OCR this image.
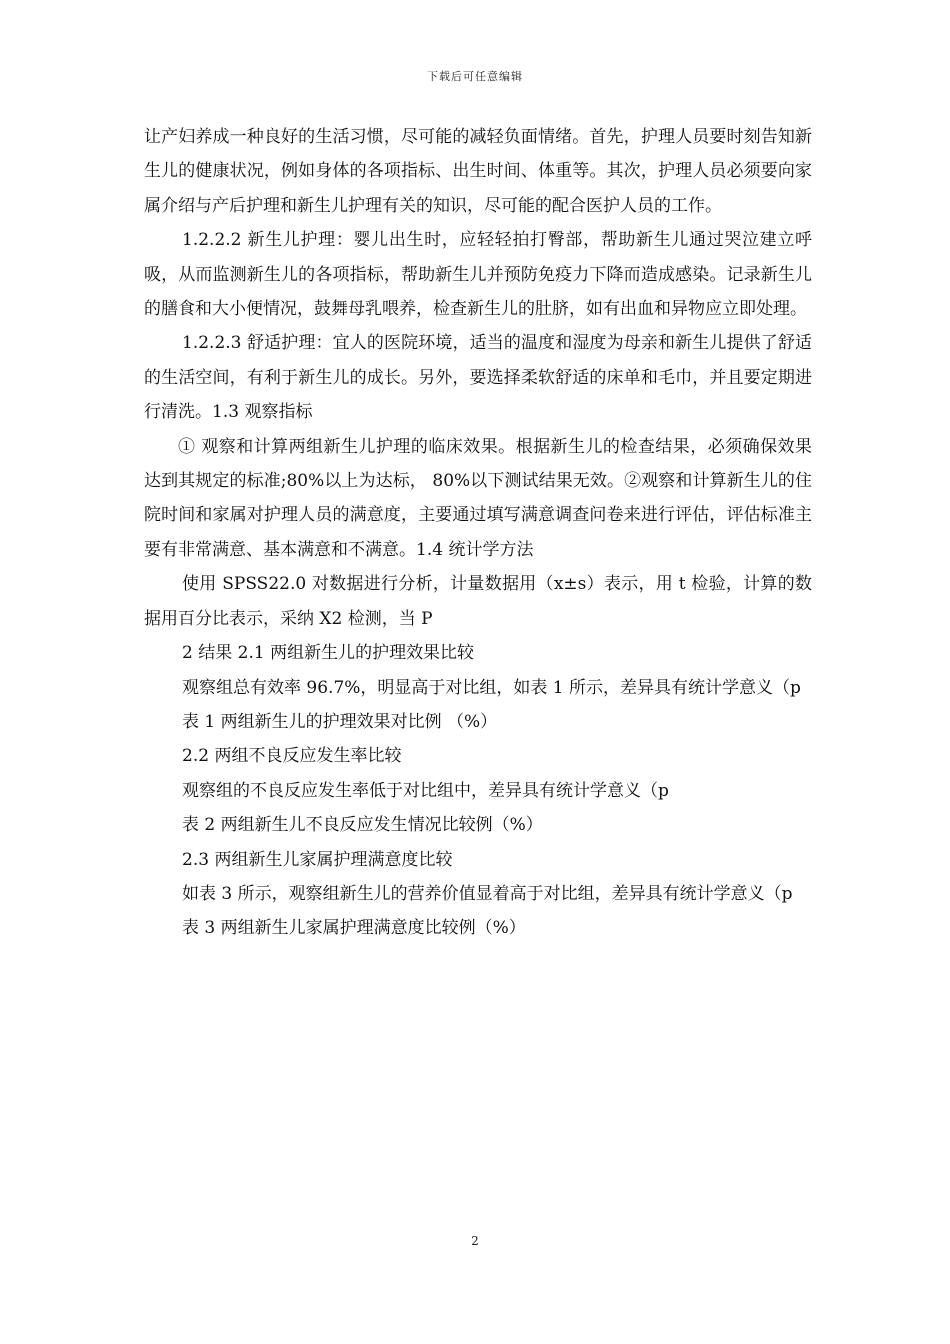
下载后可任意编辑

让产妇养成一种良好的生活习惯，尽可能的减轻负面情绪。首先，护理人员要时刻告知新生儿的健康状况，例如身体的各项指标、出生时间、体重等。其次，护理人员必须要向家属介绍与产后护理和新生儿护理有关的知识，尽可能的配合医护人员的工作。

1.2.2.2 新生儿护理：婴儿出生时，应轻轻拍打臀部，帮助新生儿通过哭泣建立呼吸，从而监测新生儿的各项指标，帮助新生儿并预防免疫力下降而造成感染。记录新生儿的膳食和大小便情况，鼓舞母乳喂养，检查新生儿的肚脐，如有出血和异物应立即处理。

1.2.2.3 舒适护理：宜人的医院环境，适当的温度和湿度为母亲和新生儿提供了舒适的生活空间，有利于新生儿的成长。另外，要选择柔软舒适的床单和毛巾，并且要定期进行清洗。1.3 观察指标

① 观察和计算两组新生儿护理的临床效果。根据新生儿的检查结果，必须确保效果达到其规定的标准;80%以上为达标， 80%以下测试结果无效。②观察和计算新生儿的住院时间和家属对护理人员的满意度，主要通过填写满意调查问卷来进行评估，评估标准主要有非常满意、基本满意和不满意。1.4 统计学方法

使用 SPSS22.0 对数据进行分析，计量数据用（x±s）表示，用 t 检验，计算的数据用百分比表示，采纳 X2 检测，当 P

2 结果 2.1 两组新生儿的护理效果比较

观察组总有效率 96.7%，明显高于对比组，如表 1 所示，差异具有统计学意义（p

表 1 两组新生儿的护理效果对比例 （%）

2.2 两组不良反应发生率比较

观察组的不良反应发生率低于对比组中，差异具有统计学意义（p

表 2 两组新生儿不良反应发生情况比较例（%）

2.3 两组新生儿家属护理满意度比较

如表 3 所示，观察组新生儿的营养价值显着高于对比组，差异具有统计学意义（p

表 3 两组新生儿家属护理满意度比较例（%）

2
